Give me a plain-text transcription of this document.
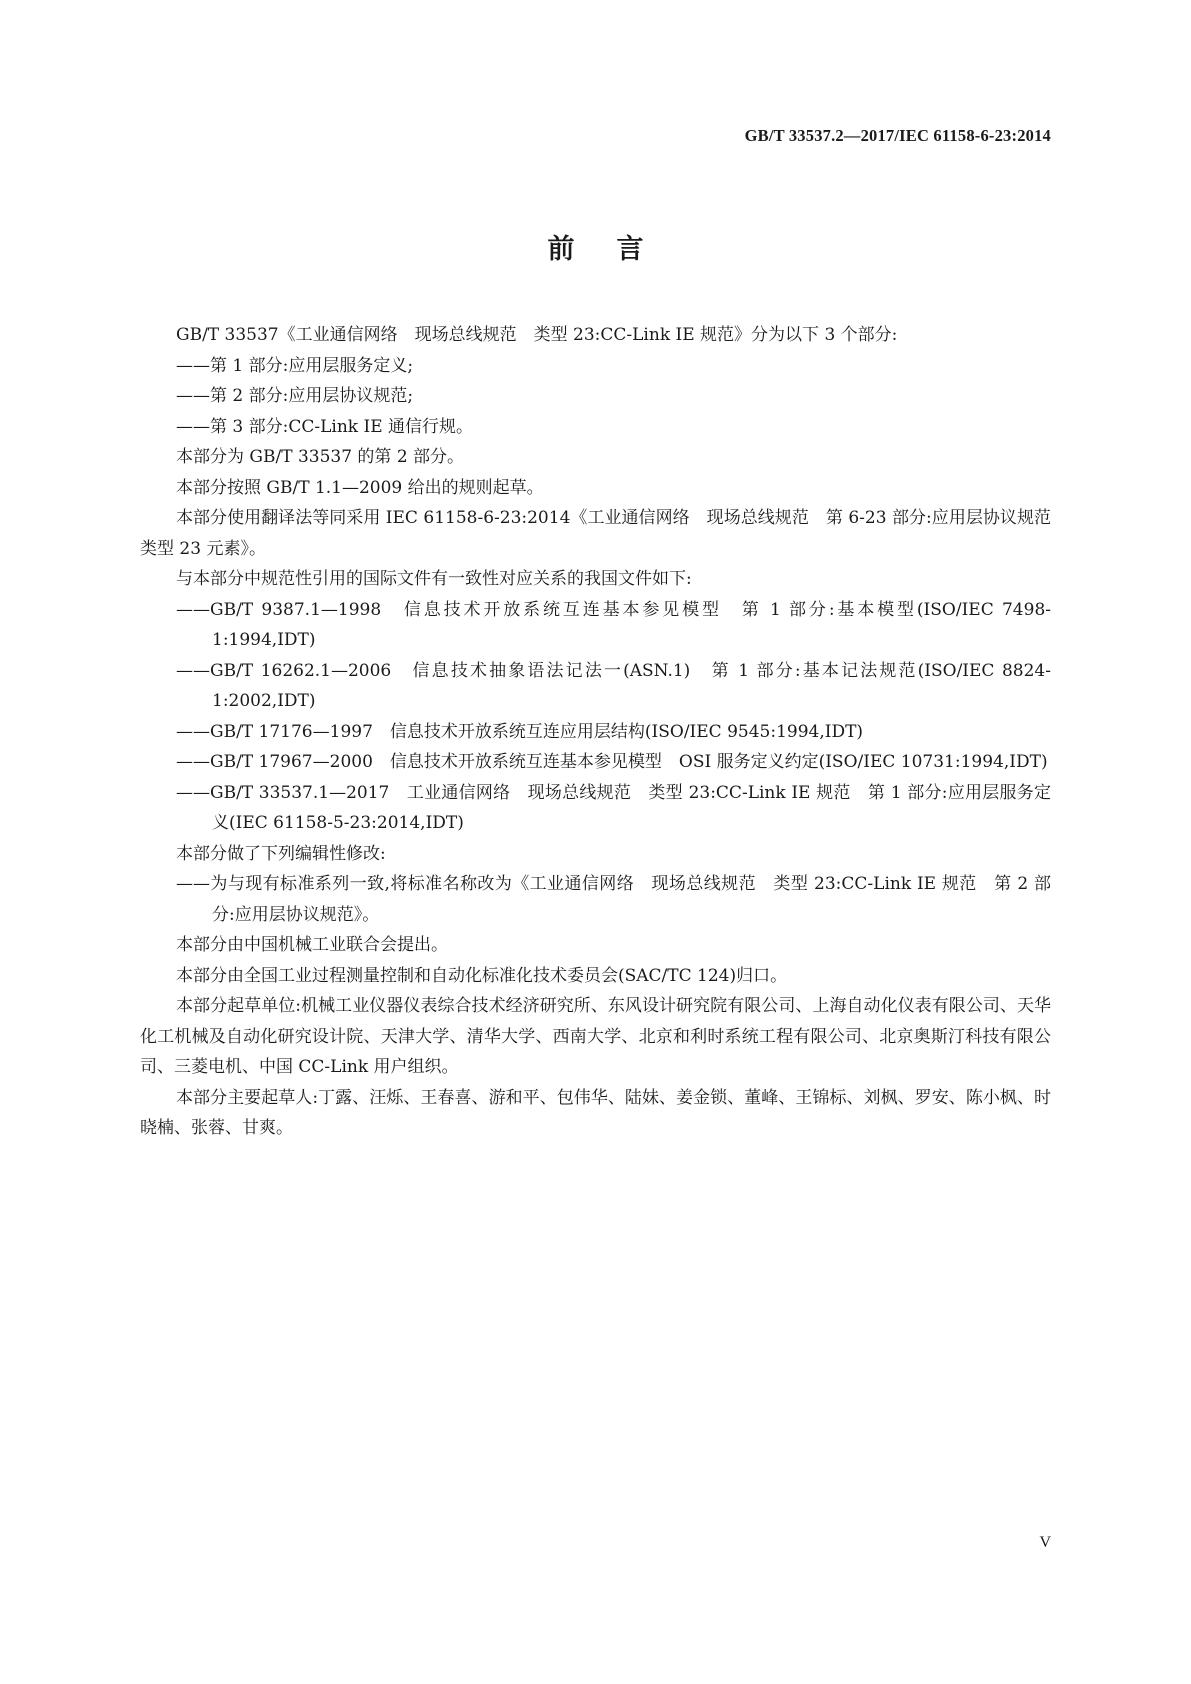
GB/T 33537.2—2017/IEC 61158-6-23:2014
前言

GB/T 33537《工业通信网络　现场总线规范　类型 23:CC-Link IE 规范》分为以下 3 个部分:

——第 1 部分:应用层服务定义;

——第 2 部分:应用层协议规范;

——第 3 部分:CC-Link IE 通信行规。

本部分为 GB/T 33537 的第 2 部分。

本部分按照 GB/T 1.1—2009 给出的规则起草。

本部分使用翻译法等同采用 IEC 61158-6-23:2014《工业通信网络　现场总线规范　第 6-23 部分:应用层协议规范　类型 23 元素》。

与本部分中规范性引用的国际文件有一致性对应关系的我国文件如下:

——GB/T 9387.1—1998　信息技术开放系统互连基本参见模型　第 1 部分:基本模型(ISO/IEC 7498-1:1994,IDT)

——GB/T 16262.1—2006　信息技术抽象语法记法一(ASN.1)　第 1 部分:基本记法规范(ISO/IEC 8824-1:2002,IDT)

——GB/T 17176—1997　信息技术开放系统互连应用层结构(ISO/IEC 9545:1994,IDT)

——GB/T 17967—2000　信息技术开放系统互连基本参见模型　OSI 服务定义约定(ISO/IEC 10731:1994,IDT)

——GB/T 33537.1—2017　工业通信网络　现场总线规范　类型 23:CC-Link IE 规范　第 1 部分:应用层服务定义(IEC 61158-5-23:2014,IDT)

本部分做了下列编辑性修改:

——为与现有标准系列一致,将标准名称改为《工业通信网络　现场总线规范　类型 23:CC-Link IE 规范　第 2 部分:应用层协议规范》。

本部分由中国机械工业联合会提出。

本部分由全国工业过程测量控制和自动化标准化技术委员会(SAC/TC 124)归口。

本部分起草单位:机械工业仪器仪表综合技术经济研究所、东风设计研究院有限公司、上海自动化仪表有限公司、天华化工机械及自动化研究设计院、天津大学、清华大学、西南大学、北京和利时系统工程有限公司、北京奥斯汀科技有限公司、三菱电机、中国 CC-Link 用户组织。

本部分主要起草人:丁露、汪烁、王春喜、游和平、包伟华、陆妹、姜金锁、董峰、王锦标、刘枫、罗安、陈小枫、时晓楠、张蓉、甘爽。

V
